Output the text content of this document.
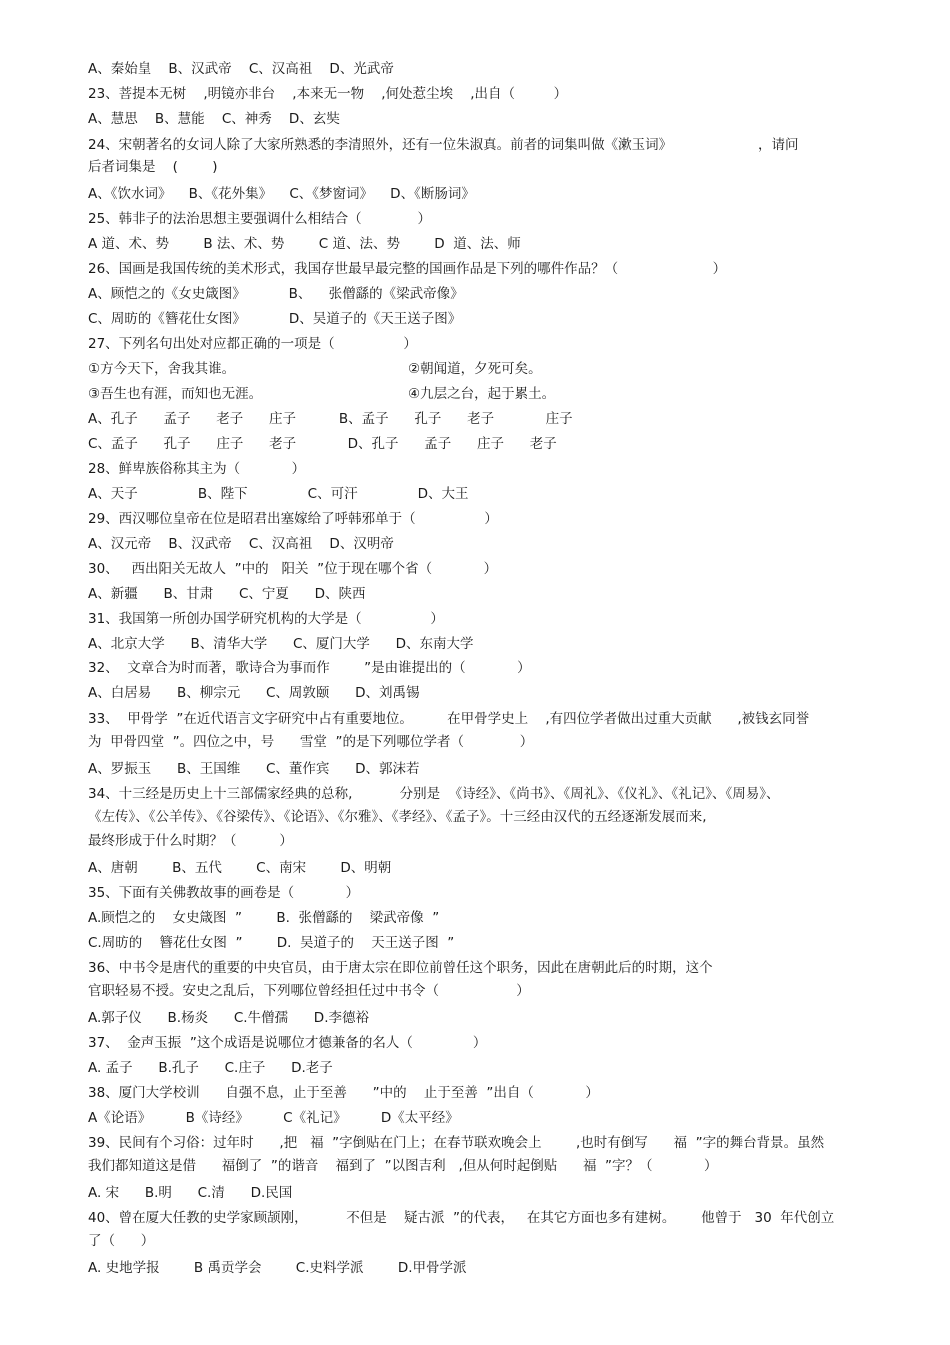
A、秦始皇    B、汉武帝    C、汉高祖    D、光武帝
23、菩提本无树    ,明镜亦非台    ,本来无一物    ,何处惹尘埃    ,出自（         ）
A、慧思    B、慧能    C、神秀    D、玄奘
24、宋朝著名的女词人除了大家所熟悉的李清照外，还有一位朱淑真。前者的词集叫做《漱玉词》                    ，请问
后者词集是    (        )
A、《饮水词》    B、《花外集》    C、《梦窗词》    D、《断肠词》
25、韩非子的法治思想主要强调什么相结合（             ）
A 道、术、势        B 法、术、势        C 道、法、势        D  道、法、师
26、国画是我国传统的美术形式，我国存世最早最完整的国画作品是下列的哪件作品？（                      ）
A、顾恺之的《女史箴图》          B、    张僧繇的《梁武帝像》
C、周昉的《簪花仕女图》          D、吴道子的《天王送子图》
27、下列名句出处对应都正确的一项是（                ）
①方今天下，舍我其谁。	②朝闻道，夕死可矣。
③吾生也有涯，而知也无涯。	④九层之台，起于累土。
A、孔子      孟子      老子      庄子          B、孟子      孔子      老子            庄子
C、孟子      孔子      庄子      老子            D、孔子      孟子      庄子      老子
28、鲜卑族俗称其主为（            ）
A、天子              B、陛下              C、可汗              D、大王
29、西汉哪位皇帝在位是昭君出塞嫁给了呼韩邪单于（                ）
A、汉元帝    B、汉武帝    C、汉高祖    D、汉明帝
30、   西出阳关无故人  ”中的   阳关  ”位于现在哪个省（            ）
A、新疆      B、甘肃      C、宁夏      D、陕西
31、我国第一所创办国学研究机构的大学是（                ）
A、北京大学      B、清华大学      C、厦门大学      D、东南大学
32、  文章合为时而著，歌诗合为事而作        ”是由谁提出的（            ）
A、白居易      B、柳宗元      C、周敦颐      D、刘禹锡
33、  甲骨学  ”在近代语言文字研究中占有重要地位。        在甲骨学史上    ,有四位学者做出过重大贡献      ,被钱玄同誉
为  甲骨四堂  ”。四位之中，号      雪堂  ”的是下列哪位学者（             ）
A、罗振玉      B、王国维      C、董作宾      D、郭沫若
34、十三经是历史上十三部儒家经典的总称,           分别是  《诗经》、《尚书》、《周礼》、《仪礼》、《礼记》、《周易》、
《左传》、《公羊传》、《谷梁传》、《论语》、《尔雅》、《孝经》、《孟子》。十三经由汉代的五经逐渐发展而来,
最终形成于什么时期？（          ）
A、唐朝        B、五代        C、南宋        D、明朝
35、下面有关佛教故事的画卷是（            ）
A.顾恺之的    女史箴图  ”        B.  张僧繇的    梁武帝像  ”
C.周昉的    簪花仕女图  ”        D.  吴道子的    天王送子图  ”
36、中书令是唐代的重要的中央官员，由于唐太宗在即位前曾任这个职务，因此在唐朝此后的时期，这个
官职轻易不授。安史之乱后，下列哪位曾经担任过中书令（                  ）
A.郭子仪      B.杨炎      C.牛僧孺      D.李德裕
37、  金声玉振  ”这个成语是说哪位才德兼备的名人（              ）
A. 孟子      B.孔子      C.庄子      D.老子
38、厦门大学校训      自强不息，止于至善      ”中的    止于至善  ”出自（            ）
A《论语》        B《诗经》        C《礼记》        D《太平经》
39、民间有个习俗：过年时      ,把   福  ”字倒贴在门上；在春节联欢晚会上        ,也时有倒写      福  ”字的舞台背景。虽然
我们都知道这是借      福倒了  ”的谐音    福到了  ”以图吉利   ,但从何时起倒贴      福  ”字？（            ）
A. 宋      B.明      C.清      D.民国
40、曾在厦大任教的史学家顾颉刚，         不但是    疑古派  ”的代表，   在其它方面也多有建树。      他曾于   30  年代创立
了（      ）
A. 史地学报        B 禹贡学会        C.史料学派        D.甲骨学派
